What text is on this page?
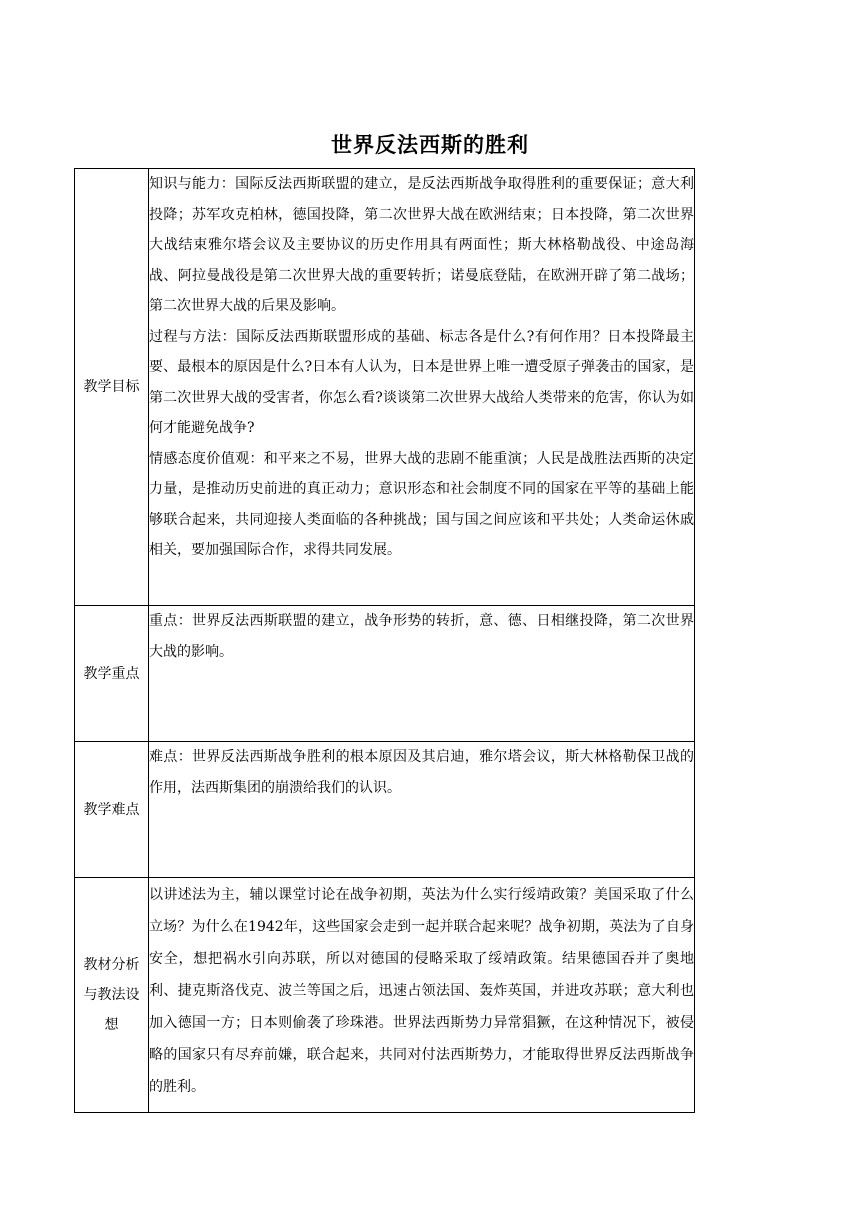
世界反法西斯的胜利
教学目标	知识与能力：国际反法西斯联盟的建立，是反法西斯战争取得胜利的重要保证；意大利投降；苏军攻克柏林，德国投降，第二次世界大战在欧洲结束；日本投降，第二次世界大战结束雅尔塔会议及主要协议的历史作用具有两面性；斯大林格勒战役、中途岛海战、阿拉曼战役是第二次世界大战的重要转折；诺曼底登陆，在欧洲开辟了第二战场；第二次世界大战的后果及影响。

过程与方法：国际反法西斯联盟形成的基础、标志各是什么?有何作用？日本投降最主要、最根本的原因是什么?日本有人认为，日本是世界上唯一遭受原子弹袭击的国家，是第二次世界大战的受害者，你怎么看?谈谈第二次世界大战给人类带来的危害，你认为如何才能避免战争?

情感态度价值观：和平来之不易，世界大战的悲剧不能重演；人民是战胜法西斯的决定力量，是推动历史前进的真正动力；意识形态和社会制度不同的国家在平等的基础上能够联合起来，共同迎接人类面临的各种挑战；国与国之间应该和平共处；人类命运休戚相关，要加强国际合作，求得共同发展。

教学重点	重点：世界反法西斯联盟的建立，战争形势的转折，意、德、日相继投降，第二次世界大战的影响。

教学难点	难点：世界反法西斯战争胜利的根本原因及其启迪，雅尔塔会议，斯大林格勒保卫战的作用，法西斯集团的崩溃给我们的认识。

教材分析与教法设想	以讲述法为主，辅以课堂讨论在战争初期，英法为什么实行绥靖政策？美国采取了什么立场？为什么在1942年，这些国家会走到一起并联合起来呢？战争初期，英法为了自身安全，想把祸水引向苏联，所以对德国的侵略采取了绥靖政策。结果德国吞并了奥地利、捷克斯洛伐克、波兰等国之后，迅速占领法国、轰炸英国，并进攻苏联；意大利也加入德国一方；日本则偷袭了珍珠港。世界法西斯势力异常猖獗，在这种情况下，被侵略的国家只有尽弃前嫌，联合起来，共同对付法西斯势力，才能取得世界反法西斯战争的胜利。
